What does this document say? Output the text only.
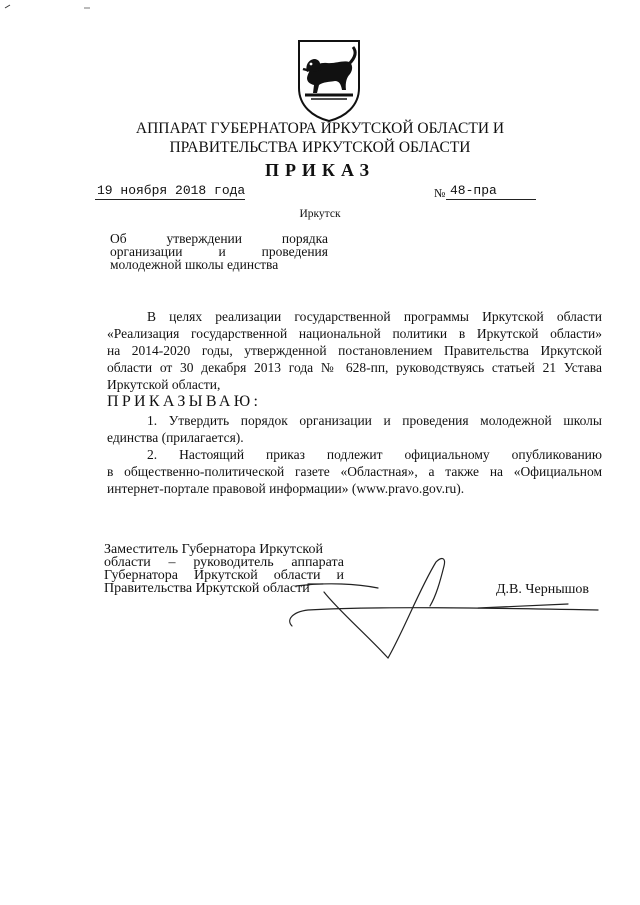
АППАРАТ ГУБЕРНАТОРА ИРКУТСКОЙ ОБЛАСТИ И
ПРАВИТЕЛЬСТВА ИРКУТСКОЙ ОБЛАСТИ
ПРИКАЗ
19 ноября 2018 года	№ 48-пра
Иркутск
Об утверждении порядка
организации и проведения
молодежной школы единства
В целях реализации государственной программы Иркутской области
«Реализация государственной национальной политики в Иркутской области»
на 2014-2020 годы, утвержденной постановлением Правительства Иркутской
области от 30 декабря 2013 года № 628-пп, руководствуясь статьей 21 Устава
Иркутской области,
ПРИКАЗЫВАЮ:
1. Утвердить порядок организации и проведения молодежной школы
единства (прилагается).
2. Настоящий приказ подлежит официальному опубликованию
в общественно-политической газете «Областная», а также на «Официальном
интернет-портале правовой информации» (www.pravo.gov.ru).
Заместитель Губернатора Иркутской
области – руководитель аппарата
Губернатора Иркутской области и
Правительства Иркутской области	Д.В. Чернышов
